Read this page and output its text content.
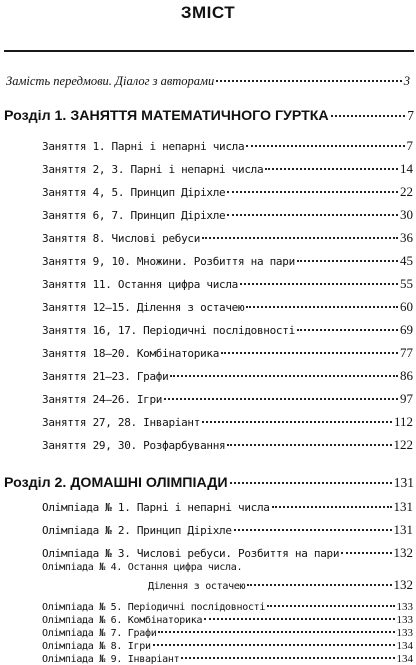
ЗМІСТ
Замість передмови. Діалог з авторами	3
Розділ 1. ЗАНЯТТЯ МАТЕМАТИЧНОГО ГУРТКА	7
Заняття 1. Парні і непарні числа	7
Заняття 2, 3. Парні і непарні числа	14
Заняття 4, 5. Принцип Діріхле	22
Заняття 6, 7. Принцип Діріхле	30
Заняття 8. Числові ребуси	36
Заняття 9, 10. Множини. Розбиття на пари	45
Заняття 11. Остання цифра числа	55
Заняття 12–15. Ділення з остачею	60
Заняття 16, 17. Періодичні послідовності	69
Заняття 18–20. Комбінаторика	77
Заняття 21–23. Графи	86
Заняття 24–26. Ігри	97
Заняття 27, 28. Інваріант	112
Заняття 29, 30. Розфарбування	122
Розділ 2. ДОМАШНІ ОЛІМПІАДИ	131
Олімпіада № 1. Парні і непарні числа	131
Олімпіада № 2. Принцип Діріхле	131
Олімпіада № 3. Числові ребуси. Розбиття на пари	132
Олімпіада № 4. Остання цифра числа.
Ділення з остачею	132
Олімпіада № 5. Періодичні послідовності	133
Олімпіада № 6. Комбінаторика	133
Олімпіада № 7. Графи	133
Олімпіада № 8. Ігри	134
Олімпіада № 9. Інваріант	134
